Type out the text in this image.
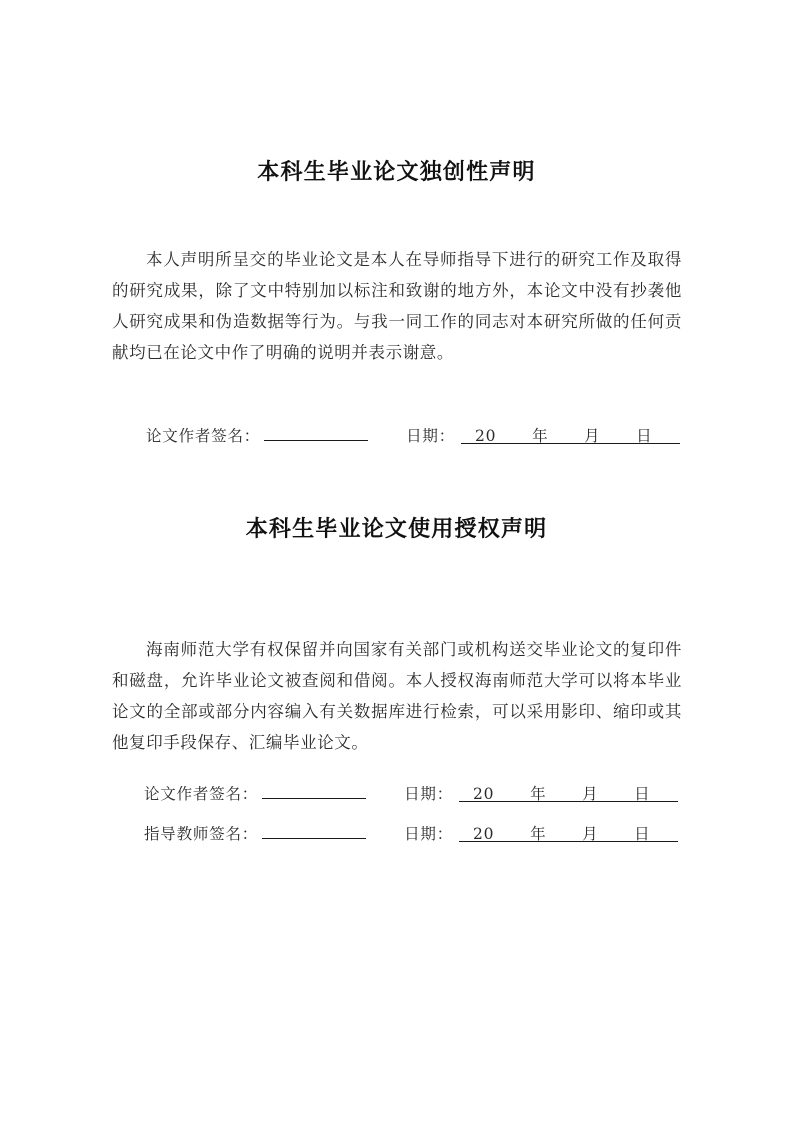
本科生毕业论文独创性声明

本人声明所呈交的毕业论文是本人在导师指导下进行的研究工作及取得的研究成果，除了文中特别加以标注和致谢的地方外，本论文中没有抄袭他人研究成果和伪造数据等行为。与我一同工作的同志对本研究所做的任何贡献均已在论文中作了明确的说明并表示谢意。

论文作者签名：	日期：	20 年 月 日
本科生毕业论文使用授权声明

海南师范大学有权保留并向国家有关部门或机构送交毕业论文的复印件和磁盘，允许毕业论文被查阅和借阅。本人授权海南师范大学可以将本毕业论文的全部或部分内容编入有关数据库进行检索，可以采用影印、缩印或其他复印手段保存、汇编毕业论文。

论文作者签名：	日期：	20 年 月 日
指导教师签名：	日期：	20 年 月 日
